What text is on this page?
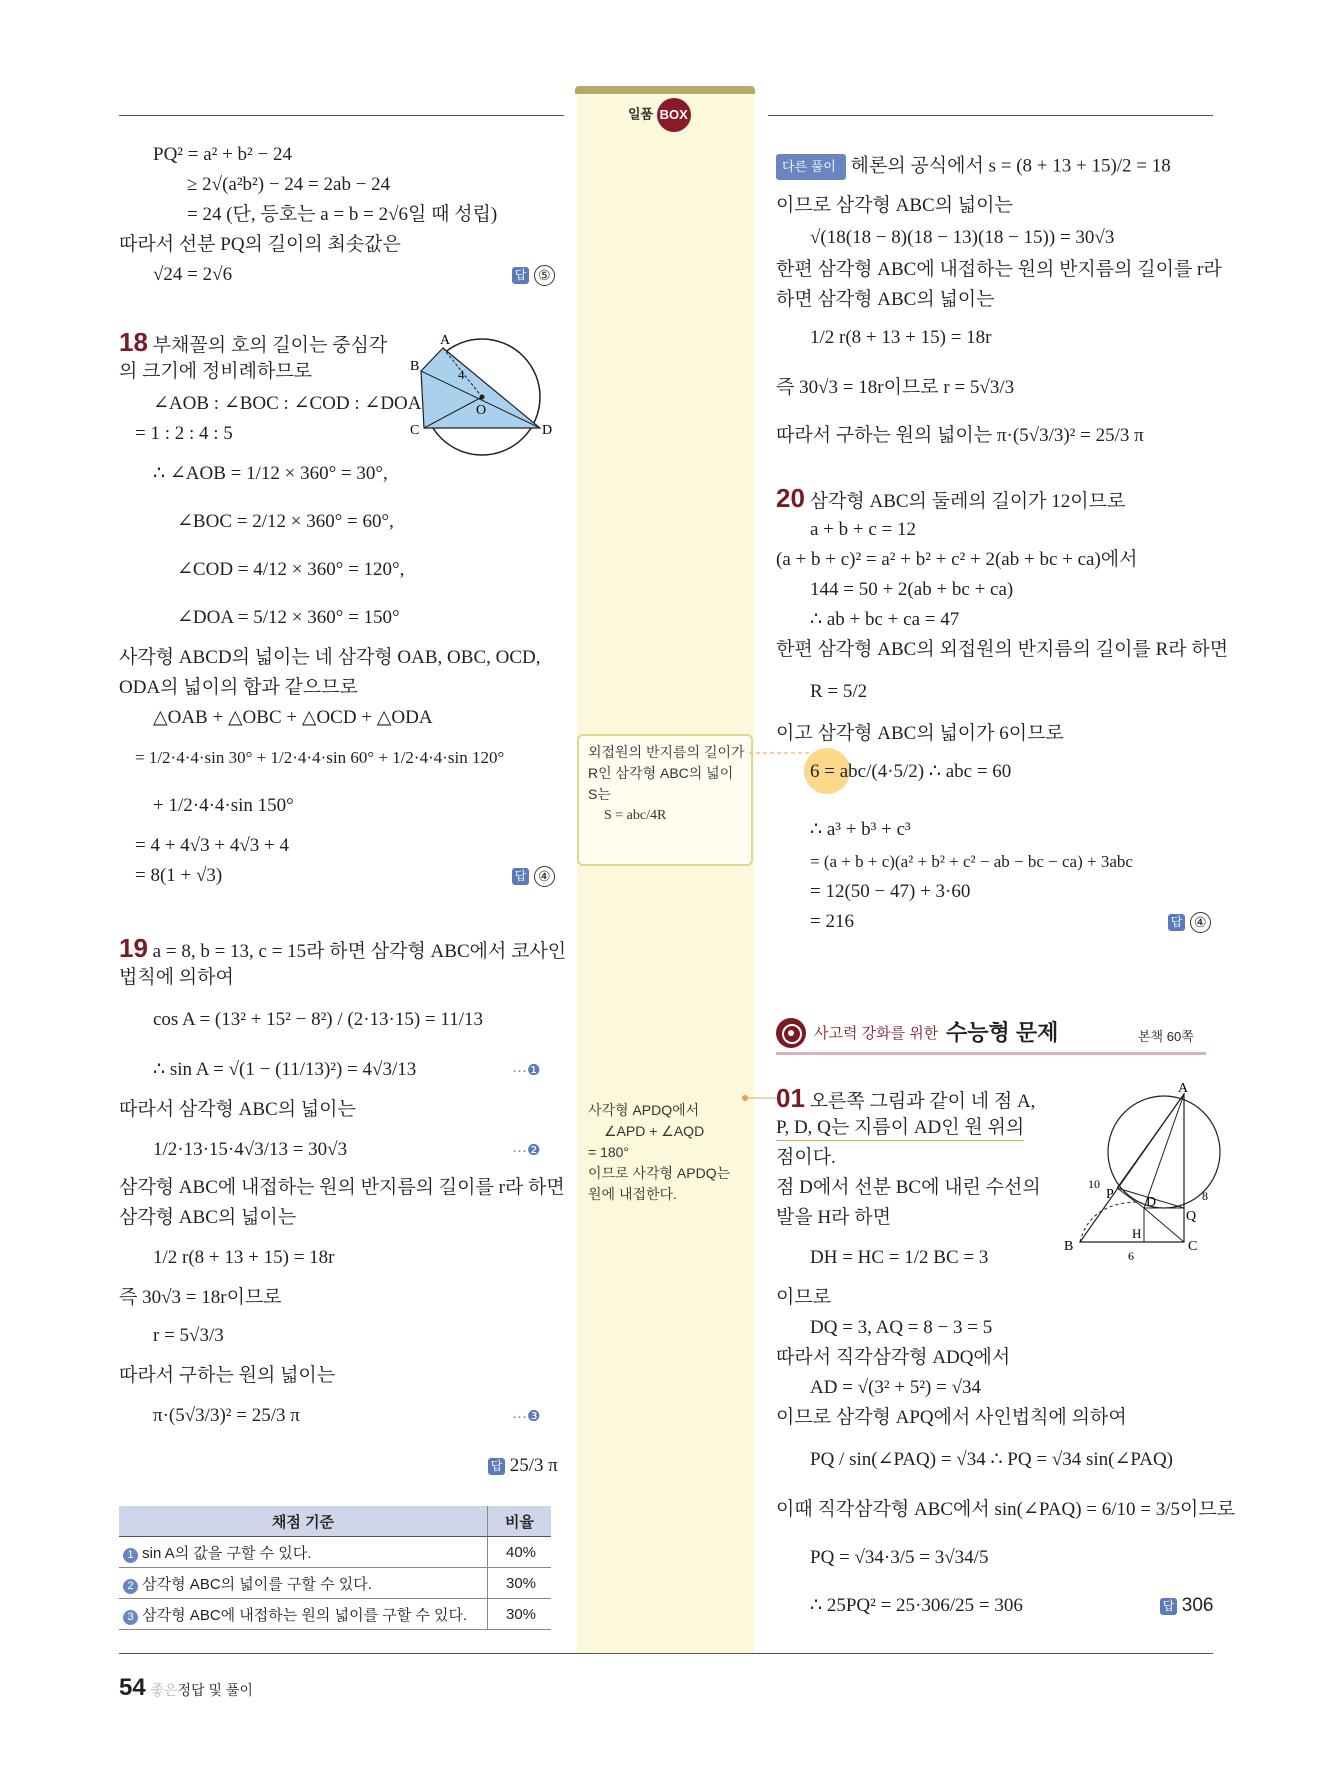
일품 BOX
PQ² = a² + b² − 24
≥ 2√(a²b²) − 24 = 2ab − 24
= 24 (단, 등호는 a = b = 2√6일 때 성립)
따라서 선분 PQ의 길이의 최솟값은
√24 = 2√6	답 ⑤
18 부채꼴의 호의 길이는 중심각
의 크기에 정비례하므로
∠AOB : ∠BOC : ∠COD : ∠DOA
= 1 : 2 : 4 : 5
∴ ∠AOB = 1/12 × 360° = 30°,
∠BOC = 2/12 × 360° = 60°,
∠COD = 4/12 × 360° = 120°,
∠DOA = 5/12 × 360° = 150°
사각형 ABCD의 넓이는 네 삼각형 OAB, OBC, OCD,
ODA의 넓이의 합과 같으므로
△OAB + △OBC + △OCD + △ODA
= 1/2·4·4·sin 30° + 1/2·4·4·sin 60° + 1/2·4·4·sin 120°
+ 1/2·4·4·sin 150°
= 4 + 4√3 + 4√3 + 4
= 8(1 + √3)	답 ④
A
B
C	D
O
4
19 a = 8, b = 13, c = 15라 하면 삼각형 ABC에서 코사인
법칙에 의하여
cos A = (13² + 15² − 8²) / (2·13·15) = 11/13
∴ sin A = √(1 − (11/13)²) = 4√3/13	···❶
따라서 삼각형 ABC의 넓이는
1/2·13·15·4√3/13 = 30√3	···❷
삼각형 ABC에 내접하는 원의 반지름의 길이를 r라 하면
삼각형 ABC의 넓이는
1/2 r(8 + 13 + 15) = 18r
즉 30√3 = 18r이므로
r = 5√3/3
따라서 구하는 원의 넓이는
π·(5√3/3)² = 25/3 π	···❸
답 25/3 π
채점 기준	비율
1 sin A의 값을 구할 수 있다.	40%
2 삼각형 ABC의 넓이를 구할 수 있다.	30%
3 삼각형 ABC에 내접하는 원의 넓이를 구할 수 있다.	30%
외접원의 반지름의 길이가
R인 삼각형 ABC의 넓이
S는
S = abc/4R
사각형 APDQ에서
∠APD + ∠AQD
= 180°
이므로 사각형 APDQ는
원에 내접한다.
다른 풀이 헤론의 공식에서 s = (8 + 13 + 15)/2 = 18
이므로 삼각형 ABC의 넓이는
√(18(18 − 8)(18 − 13)(18 − 15)) = 30√3
한편 삼각형 ABC에 내접하는 원의 반지름의 길이를 r라
하면 삼각형 ABC의 넓이는
1/2 r(8 + 13 + 15) = 18r
즉 30√3 = 18r이므로 r = 5√3/3
따라서 구하는 원의 넓이는 π·(5√3/3)² = 25/3 π
20 삼각형 ABC의 둘레의 길이가 12이므로
a + b + c = 12
(a + b + c)² = a² + b² + c² + 2(ab + bc + ca)에서
144 = 50 + 2(ab + bc + ca)
∴ ab + bc + ca = 47
한편 삼각형 ABC의 외접원의 반지름의 길이를 R라 하면
R = 5/2
이고 삼각형 ABC의 넓이가 6이므로
6 = abc/(4·5/2) ∴ abc = 60
∴ a³ + b³ + c³
= (a + b + c)(a² + b² + c² − ab − bc − ca) + 3abc
= 12(50 − 47) + 3·60
= 216	답 ④
사고력 강화를 위한 수능형 문제	본책 60쪽
01 오른쪽 그림과 같이 네 점 A,
P, D, Q는 지름이 AD인 원 위의
점이다.
점 D에서 선분 BC에 내린 수선의
발을 H라 하면
DH = HC = 1/2 BC = 3
이므로
DQ = 3, AQ = 8 − 3 = 5
따라서 직각삼각형 ADQ에서
AD = √(3² + 5²) = √34
이므로 삼각형 APQ에서 사인법칙에 의하여
PQ / sin(∠PAQ) = √34 ∴ PQ = √34 sin(∠PAQ)
이때 직각삼각형 ABC에서 sin(∠PAQ) = 6/10 = 3/5이므로
PQ = √34·3/5 = 3√34/5
∴ 25PQ² = 25·306/25 = 306	답 306
A
B	C
D
P
Q
H
10
8
6
54 좋은정답 및 풀이
